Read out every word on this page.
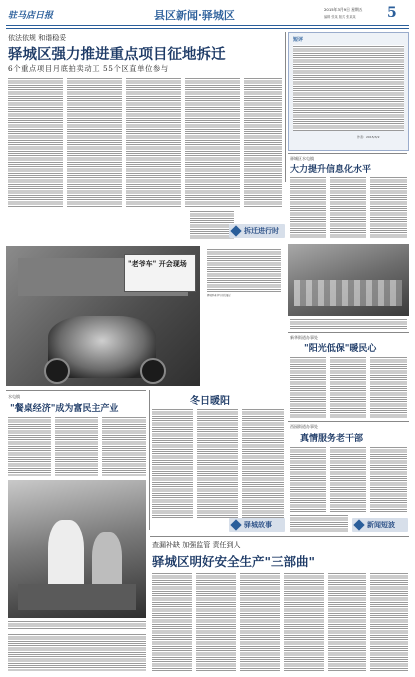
驻马店日报	县区新闻·驿城区	2015年3月9日 星期五
编辑 张某 版式 张某某 5
依法依规 和谐稳妥
驿城区强力推进重点项目征地拆迁
6个重点项目月底拍卖动工 55个区直单位参与
短评
作者：2015/3/2
驿城区水屯镇
大力提升信息化水平
拆迁进行时
"老爷车" 开会现场
驿城区老爷车进行展示
新华街道办事处
"阳光低保"暖民心
西园街道办事处
真情服务老干部
水屯镇
"餐桌经济"成为富民主产业
冬日暖阳
驿城故事	新闻短波
查漏补缺 加强监管 责任到人
驿城区明好安全生产"三部曲"
